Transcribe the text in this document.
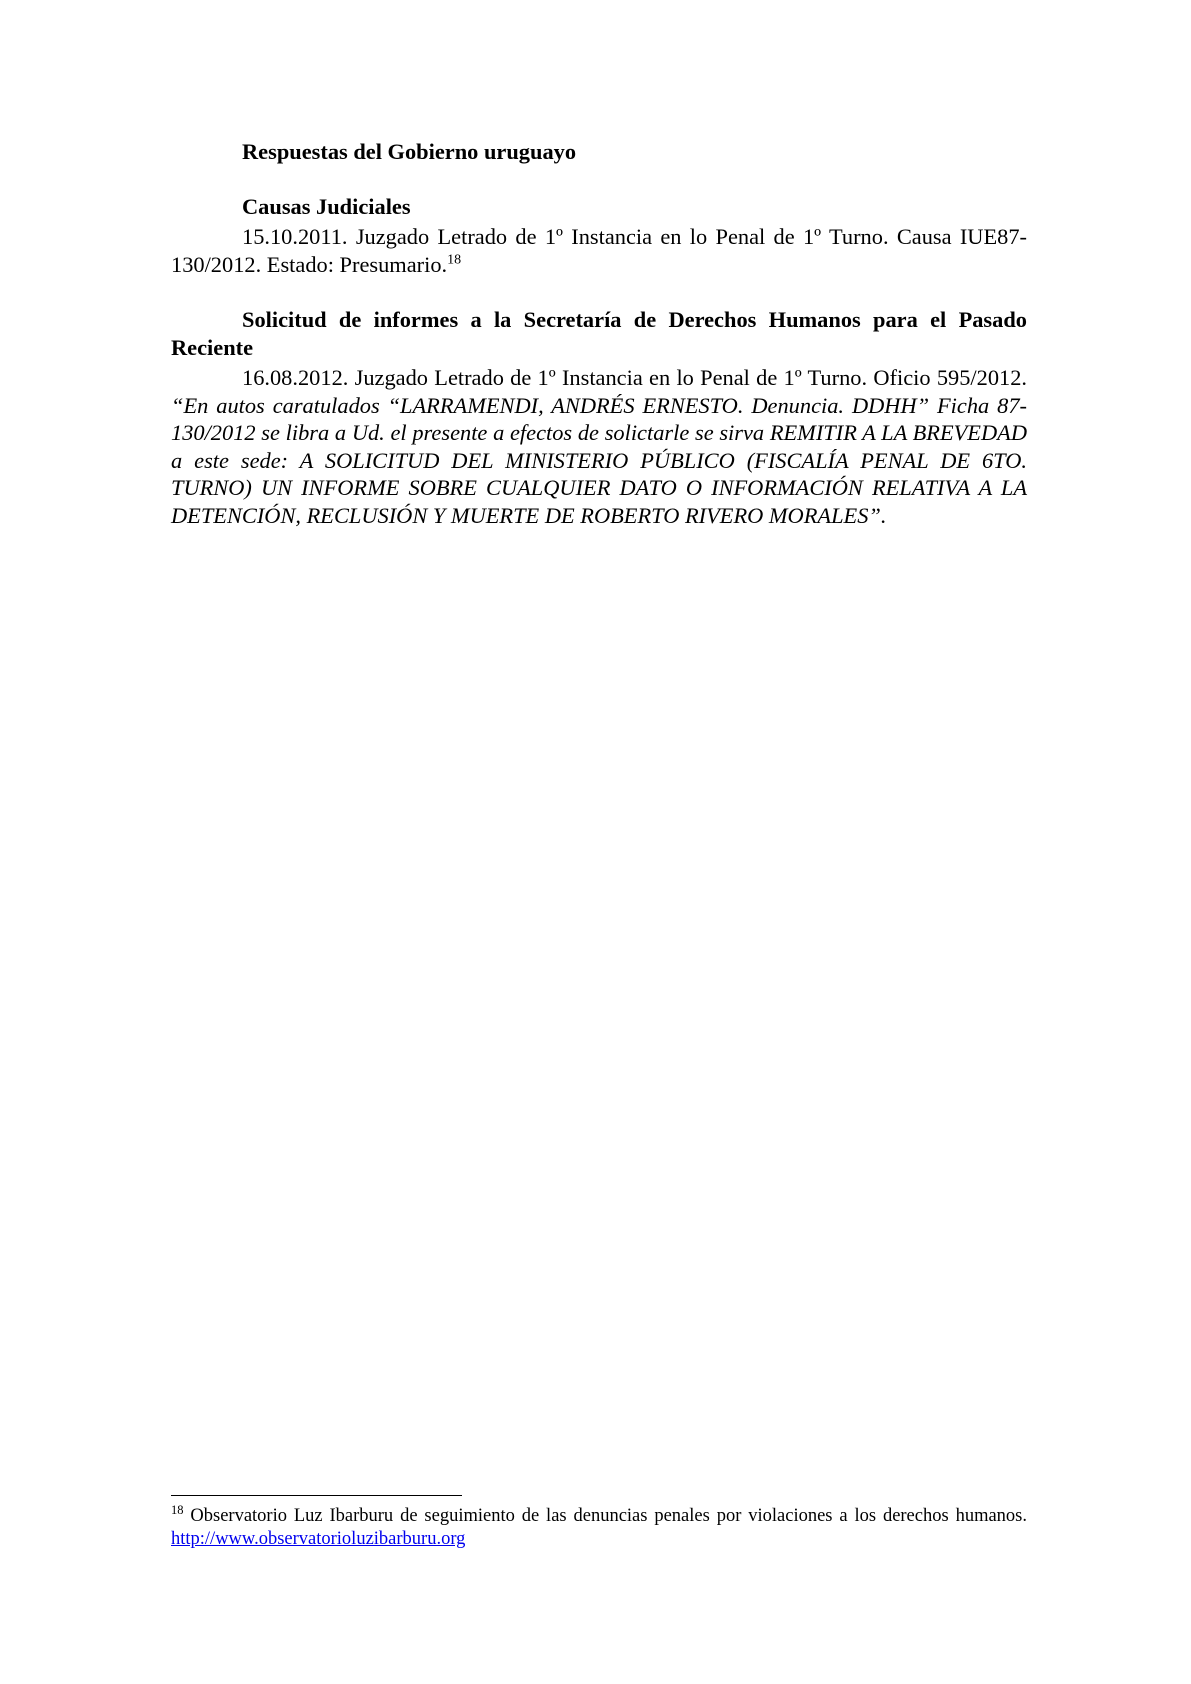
Respuestas del Gobierno uruguayo

Causas Judiciales

15.10.2011. Juzgado Letrado de 1º Instancia en lo Penal de 1º Turno. Causa IUE87-130/2012. Estado: Presumario.$^{18}$

Solicitud de informes a la Secretaría de Derechos Humanos para el Pasado Reciente

16.08.2012. Juzgado Letrado de 1º Instancia en lo Penal de 1º Turno. Oficio 595/2012. “En autos caratulados “LARRAMENDI, ANDRÉS ERNESTO. Denuncia. DDHH” Ficha 87-130/2012 se libra a Ud. el presente a efectos de solictarle se sirva REMITIR A LA BREVEDAD a este sede: A SOLICITUD DEL MINISTERIO PÚBLICO (FISCALÍA PENAL DE 6TO. TURNO) UN INFORME SOBRE CUALQUIER DATO O INFORMACIÓN RELATIVA A LA DETENCIÓN, RECLUSIÓN Y MUERTE DE ROBERTO RIVERO MORALES”.

$^{18}$ Observatorio Luz Ibarburu de seguimiento de las denuncias penales por violaciones a los derechos humanos. http://www.observatorioluzibarburu.org
